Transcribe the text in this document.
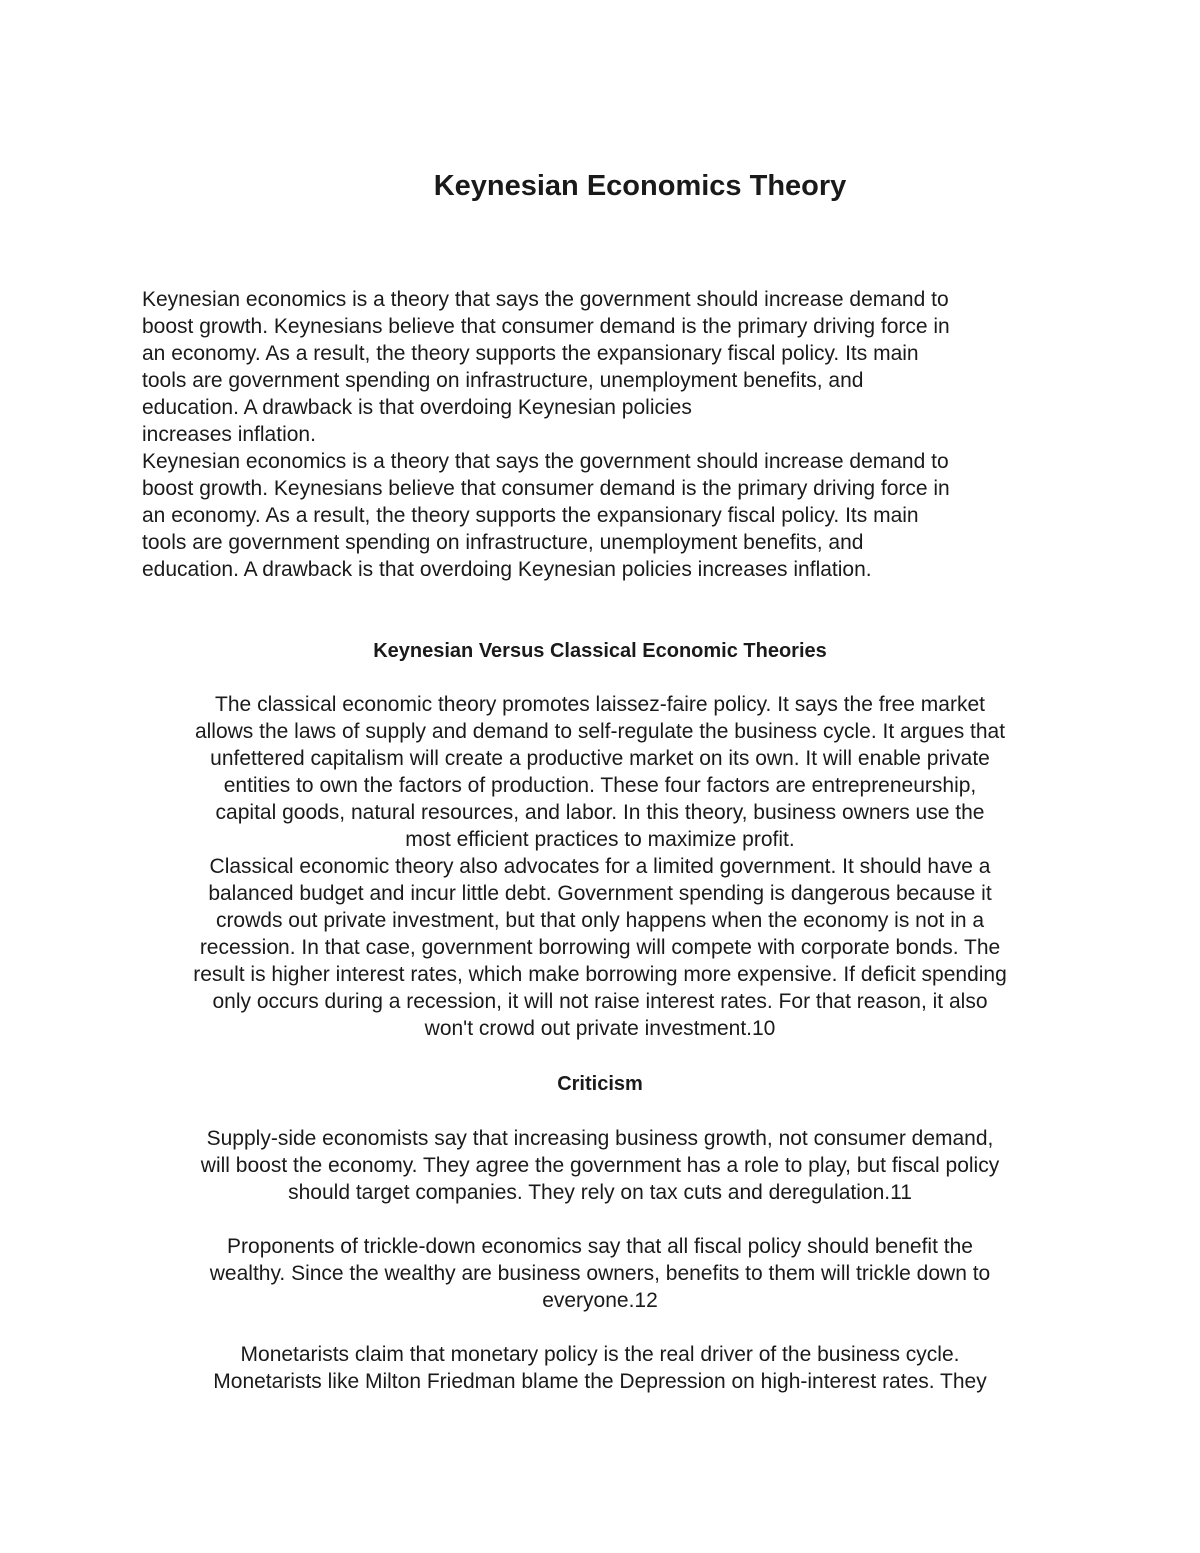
Keynesian Economics Theory

Keynesian economics is a theory that says the government should increase demand to
boost growth. Keynesians believe that consumer demand is the primary driving force in
an economy. As a result, the theory supports the expansionary fiscal policy. Its main
tools are government spending on infrastructure, unemployment benefits, and
education. A drawback is that overdoing Keynesian policies
increases inflation.

Keynesian economics is a theory that says the government should increase demand to
boost growth. Keynesians believe that consumer demand is the primary driving force in
an economy. As a result, the theory supports the expansionary fiscal policy. Its main
tools are government spending on infrastructure, unemployment benefits, and
education. A drawback is that overdoing Keynesian policies increases inflation.

Keynesian Versus Classical Economic Theories

The classical economic theory promotes laissez-faire policy. It says the free market
allows the laws of supply and demand to self-regulate the business cycle. It argues that
unfettered capitalism will create a productive market on its own. It will enable private
entities to own the factors of production. These four factors are entrepreneurship,
capital goods, natural resources, and labor. In this theory, business owners use the
most efficient practices to maximize profit.

Classical economic theory also advocates for a limited government. It should have a
balanced budget and incur little debt. Government spending is dangerous because it
crowds out private investment, but that only happens when the economy is not in a
recession. In that case, government borrowing will compete with corporate bonds. The
result is higher interest rates, which make borrowing more expensive. If deficit spending
only occurs during a recession, it will not raise interest rates. For that reason, it also
won't crowd out private investment.10

Criticism

Supply-side economists say that increasing business growth, not consumer demand,
will boost the economy. They agree the government has a role to play, but fiscal policy
should target companies. They rely on tax cuts and deregulation.11

Proponents of trickle-down economics say that all fiscal policy should benefit the
wealthy. Since the wealthy are business owners, benefits to them will trickle down to
everyone.12

Monetarists claim that monetary policy is the real driver of the business cycle.
Monetarists like Milton Friedman blame the Depression on high-interest rates. They
